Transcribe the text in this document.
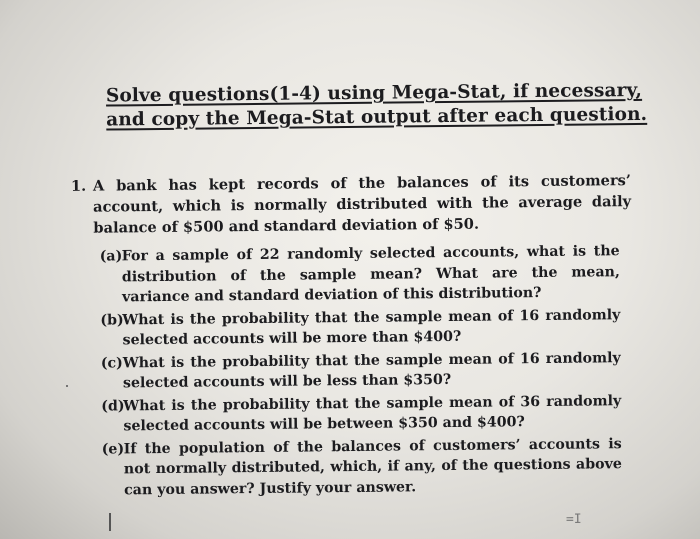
Solve questions(1-4) using Mega-Stat, if necessary,
and copy the Mega-Stat output after each question.
1. A bank has kept records of the balances of its customers’ account, which is normally distributed with the average daily balance of $500 and standard deviation of $50.
(a) For a sample of 22 randomly selected accounts, what is the distribution of the sample mean? What are the mean, variance and standard deviation of this distribution?
(b)
What is the probability that the sample mean of 16 randomly selected accounts will be more than $400?
(c) What is the probability that the sample mean of 16 randomly selected accounts will be less than $350?
(d)
What is the probability that the sample mean of 36 randomly selected accounts will be between $350 and $400?
(e) If the population of the balances of customers’ accounts is not normally distributed, which, if any, of the questions above can you answer? Justify your answer.
=I
